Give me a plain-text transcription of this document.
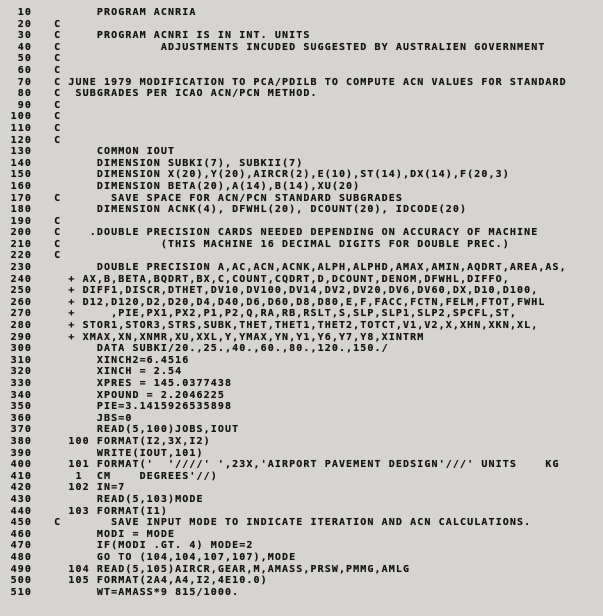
10 PROGRAM ACNRIA
20 C
30 C     PROGRAM ACNRI IS IN INT. UNITS
40 C              ADJUSTMENTS INCUDED SUGGESTED BY AUSTRALIEN GOVERNMENT
50 C
60 C
70 C JUNE 1979 MODIFICATION TO PCA/PDILB TO COMPUTE ACN VALUES FOR STANDARD
80 C  SUBGRADES PER ICAO ACN/PCN METHOD.
90 C
100 C
110 C
120 C
130 COMMON IOUT
140 DIMENSION SUBKI(7), SUBKII(7)
150 DIMENSION X(20),Y(20),AIRCR(2),E(10),ST(14),DX(14),F(20,3)
160 DIMENSION BETA(20),A(14),B(14),XU(20)
170 C       SAVE SPACE FOR ACN/PCN STANDARD SUBGRADES
180 DIMENSION ACNK(4), DFWHL(20), DCOUNT(20), IDCODE(20)
190 C
200 C    .DOUBLE PRECISION CARDS NEEDED DEPENDING ON ACCURACY OF MACHINE
210 C              (THIS MACHINE 16 DECIMAL DIGITS FOR DOUBLE PREC.)
220 C
230 DOUBLE PRECISION A,AC,ACN,ACNK,ALPH,ALPHD,AMAX,AMIN,AQDRT,AREA,AS,
240 + AX,B,BETA,BQDRT,BX,C,COUNT,CQDRT,D,DCOUNT,DENOM,DFWHL,DIFFO,
250 + DIFF1,DISCR,DTHET,DV10,DV100,DV14,DV2,DV20,DV6,DV60,DX,D10,D100,
260 + D12,D120,D2,D20,D4,D40,D6,D60,D8,D80,E,F,FACC,FCTN,FELM,FTOT,FWHL
270 +     ,PIE,PX1,PX2,P1,P2,Q,RA,RB,RSLT,S,SLP,SLP1,SLP2,SPCFL,ST,
280 + STOR1,STOR3,STRS,SUBK,THET,THET1,THET2,TOTCT,V1,V2,X,XHN,XKN,XL,
290 + XMAX,XN,XNMR,XU,XXL,Y,YMAX,YN,Y1,Y6,Y7,Y8,XINTRM
300 DATA SUBKI/20.,25.,40.,60.,80.,120.,150./
310 XINCH2=6.4516
320 XINCH = 2.54
330 XPRES = 145.0377438
340 XPOUND = 2.2046225
350 PIE=3.1415926535898
360 JBS=0
370 READ(5,100)JOBS,IOUT
380 100 FORMAT(I2,3X,I2)
390 WRITE(IOUT,101)
400 101 FORMAT('  '////' ',23X,'AIRPORT PAVEMENT DEDSIGN'///' UNITS    KG
410 1  CM    DEGREES'//)
420 102 IN=7
430 READ(5,103)MODE
440 103 FORMAT(I1)
450 C       SAVE INPUT MODE TO INDICATE ITERATION AND ACN CALCULATIONS.
460 MODI = MODE
470 IF(MODI .GT. 4) MODE=2
480 GO TO (104,104,107,107),MODE
490 104 READ(5,105)AIRCR,GEAR,M,AMASS,PRSW,PMMG,AMLG
500 105 FORMAT(2A4,A4,I2,4E10.0)
510 WT=AMASS*9 815/1000.
